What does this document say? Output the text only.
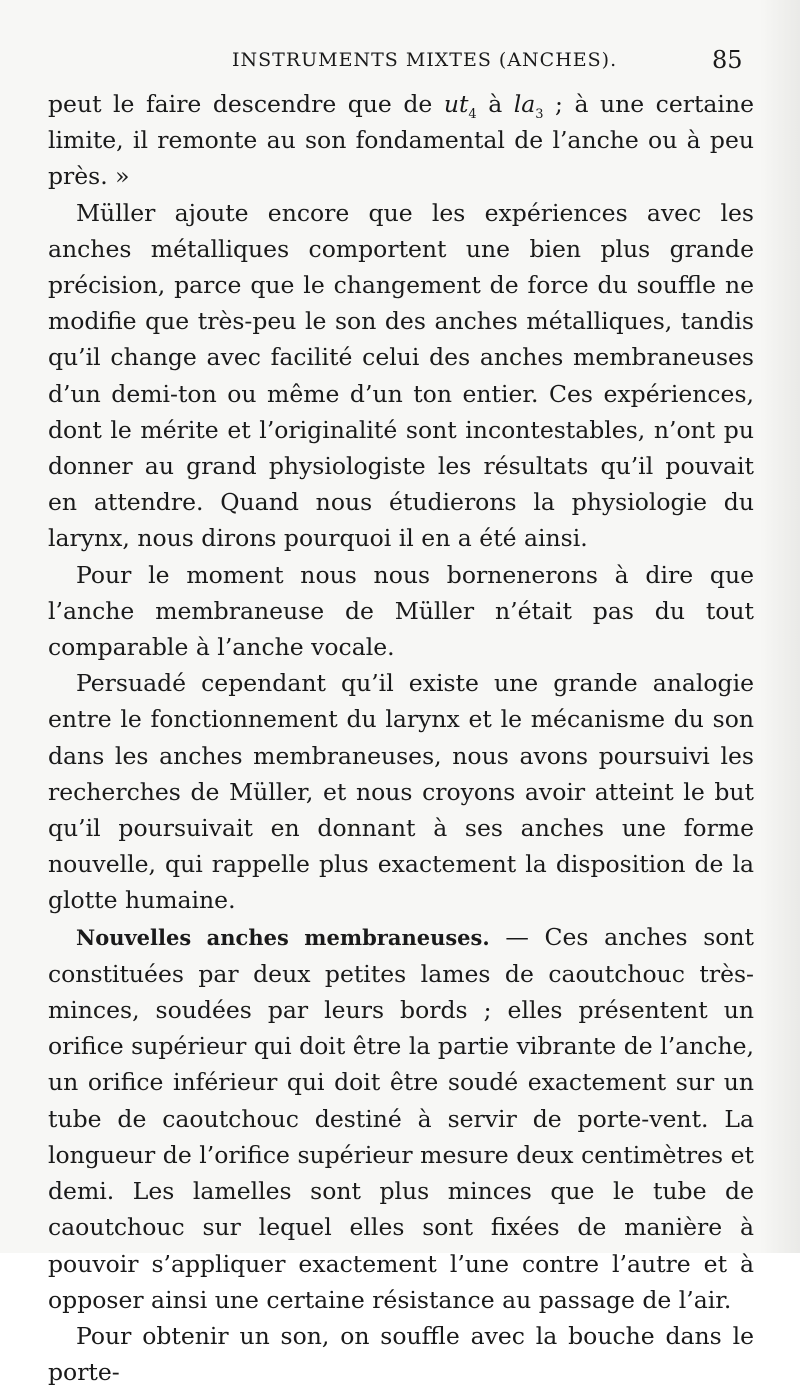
INSTRUMENTS MIXTES (ANCHES).	85

peut le faire descendre que de $ut_4$ à $la_3$ ; à une certaine limite, il remonte au son fondamental de l’anche ou à peu près. »

Müller ajoute encore que les expériences avec les anches métalliques comportent une bien plus grande précision, parce que le changement de force du souffle ne modifie que très-peu le son des anches métalliques, tandis qu’il change avec facilité celui des anches membraneuses d’un demi-ton ou même d’un ton entier. Ces expériences, dont le mérite et l’originalité sont incontestables, n’ont pu donner au grand physiologiste les résultats qu’il pouvait en attendre. Quand nous étudierons la physiologie du larynx, nous dirons pourquoi il en a été ainsi.

Pour le moment nous nous bornenerons à dire que l’anche membraneuse de Müller n’était pas du tout comparable à l’anche vocale.

Persuadé cependant qu’il existe une grande analogie entre le fonctionnement du larynx et le mécanisme du son dans les anches membraneuses, nous avons poursuivi les recherches de Müller, et nous croyons avoir atteint le but qu’il poursuivait en donnant à ses anches une forme nouvelle, qui rappelle plus exactement la disposition de la glotte humaine.

Nouvelles anches membraneuses. — Ces anches sont constituées par deux petites lames de caoutchouc très-minces, soudées par leurs bords ; elles présentent un orifice supérieur qui doit être la partie vibrante de l’anche, un orifice inférieur qui doit être soudé exactement sur un tube de caoutchouc destiné à servir de porte-vent. La longueur de l’orifice supérieur mesure deux centimètres et demi. Les lamelles sont plus minces que le tube de caoutchouc sur lequel elles sont fixées de manière à pouvoir s’appliquer exactement l’une contre l’autre et à opposer ainsi une certaine résistance au passage de l’air.

Pour obtenir un son, on souffle avec la bouche dans le porte-
